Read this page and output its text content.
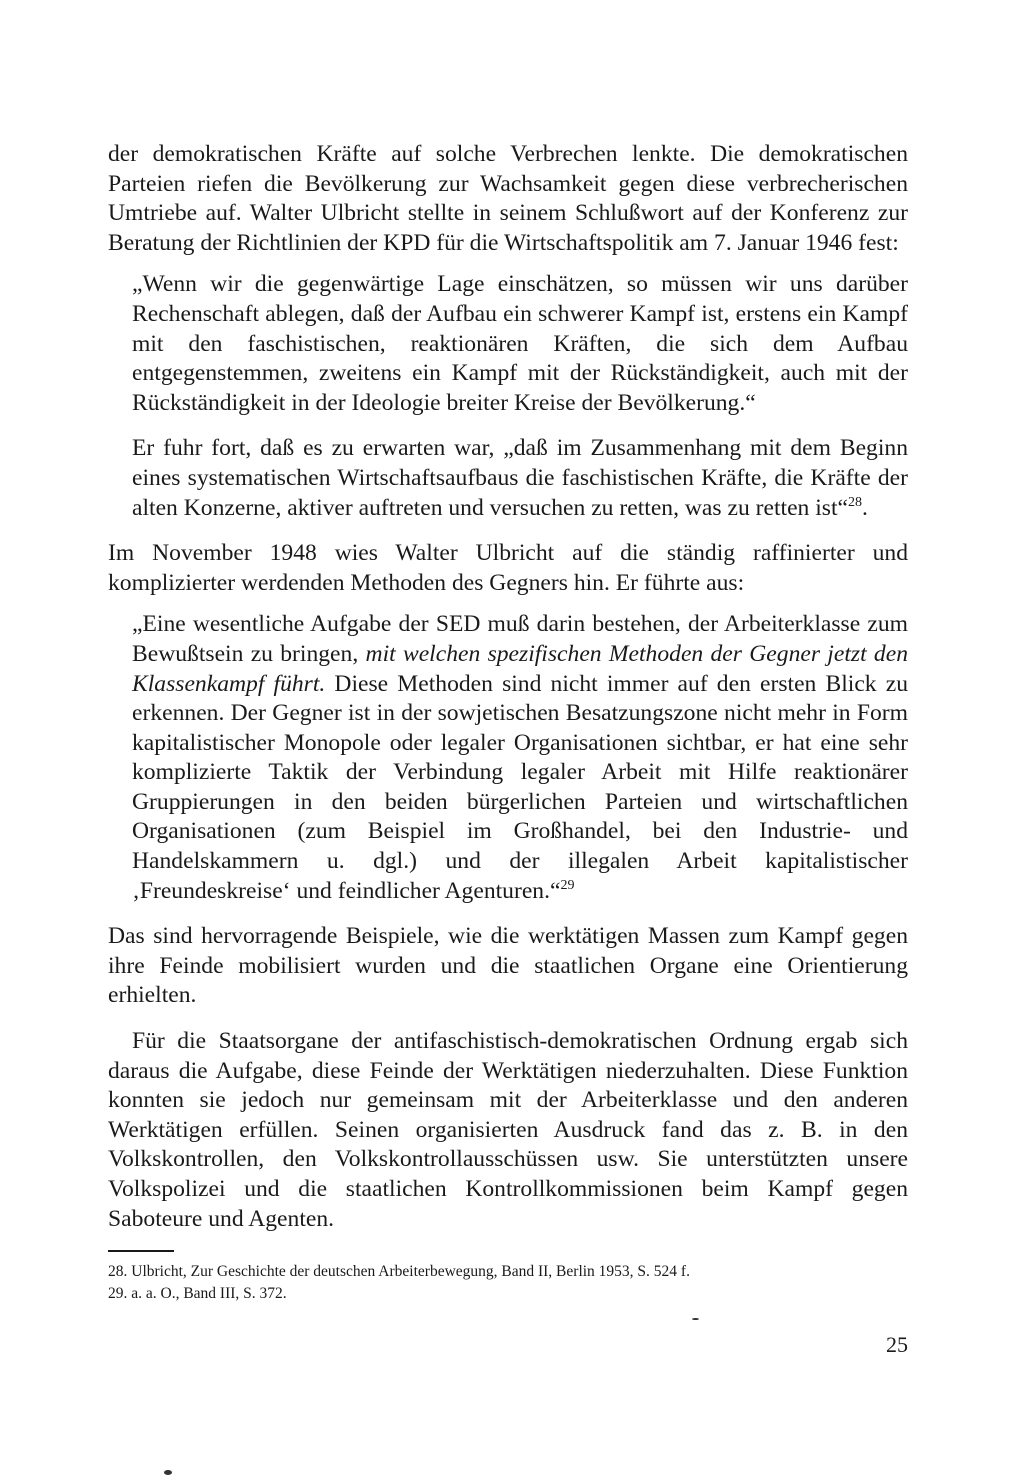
der demokratischen Kräfte auf solche Verbrechen lenkte. Die demokratischen Parteien riefen die Bevölkerung zur Wachsamkeit gegen diese verbrecherischen Umtriebe auf. Walter Ulbricht stellte in seinem Schlußwort auf der Konferenz zur Beratung der Richtlinien der KPD für die Wirtschaftspolitik am 7. Januar 1946 fest:

„Wenn wir die gegenwärtige Lage einschätzen, so müssen wir uns darüber Rechenschaft ablegen, daß der Aufbau ein schwerer Kampf ist, erstens ein Kampf mit den faschistischen, reaktionären Kräften, die sich dem Aufbau entgegenstemmen, zweitens ein Kampf mit der Rückständigkeit, auch mit der Rückständigkeit in der Ideologie breiter Kreise der Bevölkerung.“

Er fuhr fort, daß es zu erwarten war, „daß im Zusammenhang mit dem Beginn eines systematischen Wirtschaftsaufbaus die faschistischen Kräfte, die Kräfte der alten Konzerne, aktiver auftreten und versuchen zu retten, was zu retten ist“$^{28}$.

Im November 1948 wies Walter Ulbricht auf die ständig raffinierter und komplizierter werdenden Methoden des Gegners hin. Er führte aus:

„Eine wesentliche Aufgabe der SED muß darin bestehen, der Arbeiterklasse zum Bewußtsein zu bringen, mit welchen spezifischen Methoden der Gegner jetzt den Klassenkampf führt. Diese Methoden sind nicht immer auf den ersten Blick zu erkennen. Der Gegner ist in der sowjetischen Besatzungszone nicht mehr in Form kapitalistischer Monopole oder legaler Organisationen sichtbar, er hat eine sehr komplizierte Taktik der Verbindung legaler Arbeit mit Hilfe reaktionärer Gruppierungen in den beiden bürgerlichen Parteien und wirtschaftlichen Organisationen (zum Beispiel im Großhandel, bei den Industrie- und Handelskammern u. dgl.) und der illegalen Arbeit kapitalistischer ‚Freundeskreise‘ und feindlicher Agenturen.“$^{29}$

Das sind hervorragende Beispiele, wie die werktätigen Massen zum Kampf gegen ihre Feinde mobilisiert wurden und die staatlichen Organe eine Orientierung erhielten.

Für die Staatsorgane der antifaschistisch-demokratischen Ordnung ergab sich daraus die Aufgabe, diese Feinde der Werktätigen niederzuhalten. Diese Funktion konnten sie jedoch nur gemeinsam mit der Arbeiterklasse und den anderen Werktätigen erfüllen. Seinen organisierten Ausdruck fand das z. B. in den Volkskontrollen, den Volkskontrollausschüssen usw. Sie unterstützten unsere Volkspolizei und die staatlichen Kontrollkommissionen beim Kampf gegen Saboteure und Agenten.

28. Ulbricht, Zur Geschichte der deutschen Arbeiterbewegung, Band II, Berlin 1953, S. 524 f.
29. a. a. O., Band III, S. 372.
25
